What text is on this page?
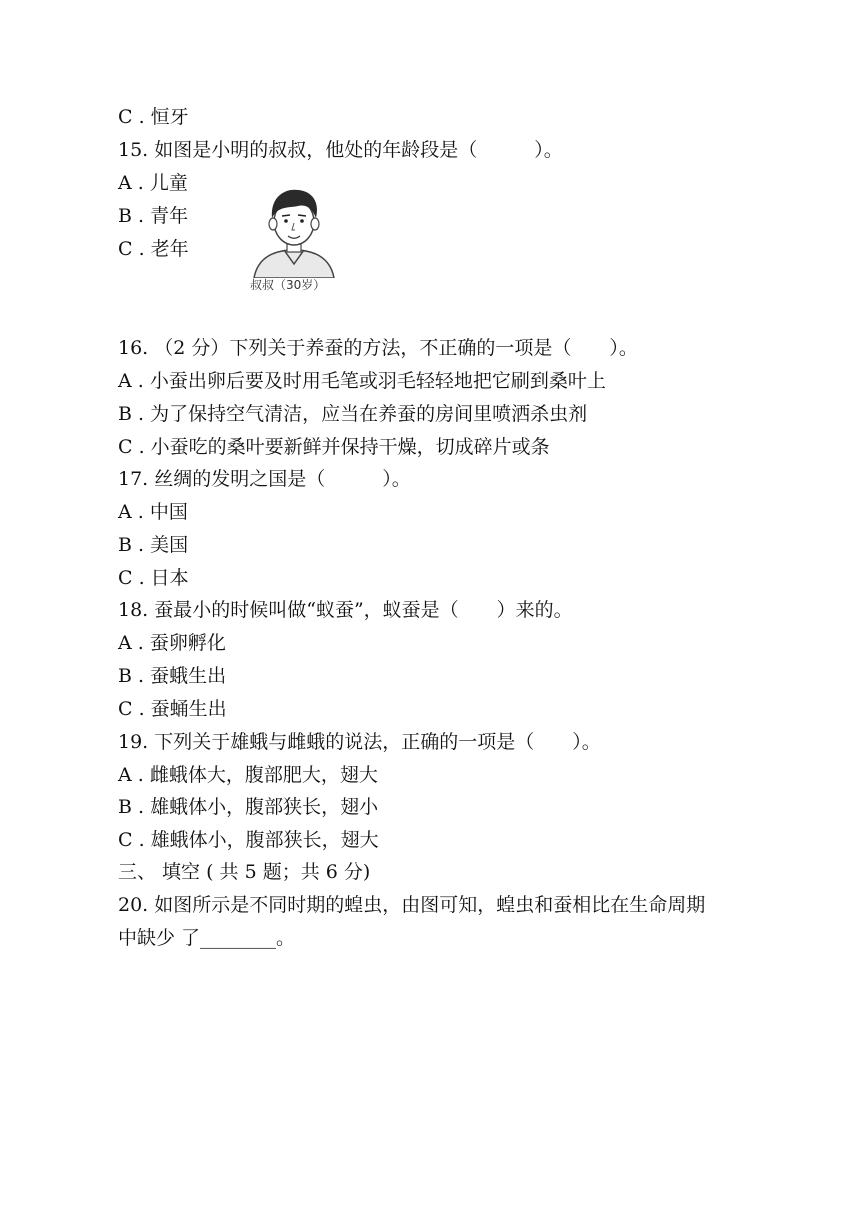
C . 恒牙
15. 如图是小明的叔叔，他处的年龄段是（　　　）。
A . 儿童
B . 青年
C . 老年
叔叔（30岁）
16. （2 分）下列关于养蚕的方法，不正确的一项是（　　）。
A . 小蚕出卵后要及时用毛笔或羽毛轻轻地把它刷到桑叶上
B . 为了保持空气清洁，应当在养蚕的房间里喷洒杀虫剂
C . 小蚕吃的桑叶要新鲜并保持干燥，切成碎片或条
17. 丝绸的发明之国是（　　　）。
A . 中国
B . 美国
C . 日本
18. 蚕最小的时候叫做“蚁蚕”，蚁蚕是（　　）来的。
A . 蚕卵孵化
B . 蚕蛾生出
C . 蚕蛹生出
19. 下列关于雄蛾与雌蛾的说法，正确的一项是（　　）。
A . 雌蛾体大，腹部肥大，翅大
B . 雄蛾体小，腹部狭长，翅小
C . 雄蛾体小，腹部狭长，翅大
三、 填空 ( 共 5 题；共 6 分)
20. 如图所示是不同时期的蝗虫，由图可知，蝗虫和蚕相比在生命周期
中缺少 了________。
